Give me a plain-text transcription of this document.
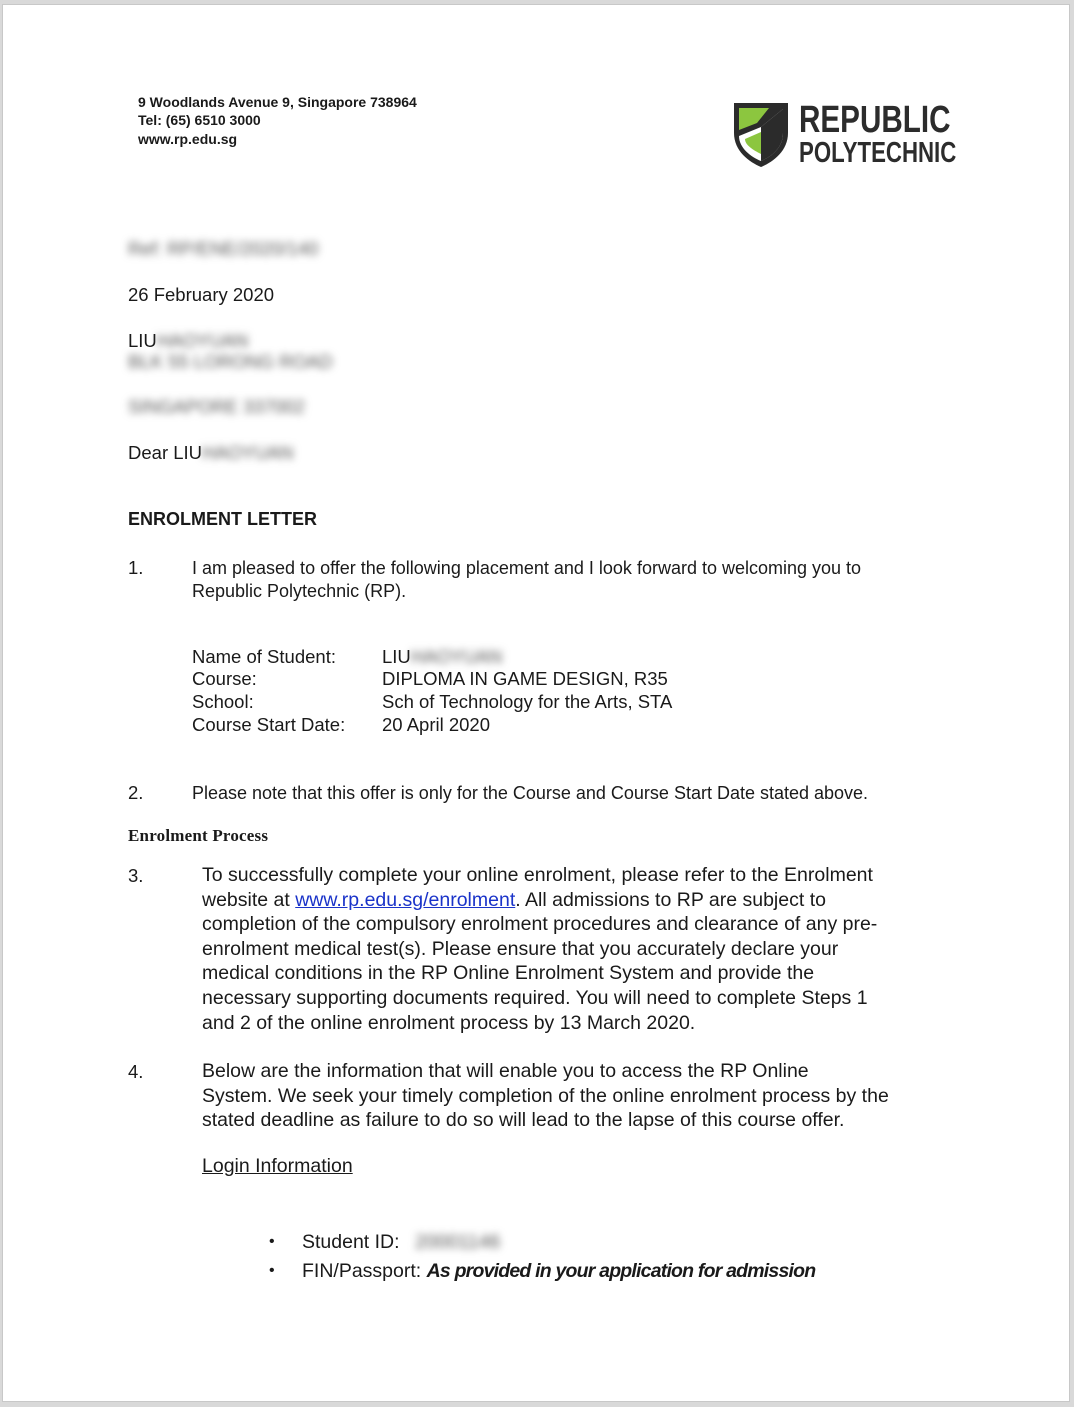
9 Woodlands Avenue 9, Singapore 738964
Tel: (65) 6510 3000
www.rp.edu.sg	REPUBLIC
POLYTECHNIC
Ref: RP/ENE/2020/140
26 February 2020
LIUHAOYUAN
BLK 55 LORONG ROAD
SINGAPORE 337002
Dear LIUHAOYUAN
ENROLMENT LETTER
1.	I am pleased to offer the following placement and I look forward to welcoming you to
Republic Polytechnic (RP).
Name of Student: LIUHAOYUAN
Course:	DIPLOMA IN GAME DESIGN, R35
School:	Sch of Technology for the Arts, STA
Course Start Date: 20 April 2020
2.	Please note that this offer is only for the Course and Course Start Date stated above.
Enrolment Process
3.	To successfully complete your online enrolment, please refer to the Enrolment
website at www.rp.edu.sg/enrolment. All admissions to RP are subject to
completion of the compulsory enrolment procedures and clearance of any pre-
enrolment medical test(s). Please ensure that you accurately declare your
medical conditions in the RP Online Enrolment System and provide the
necessary supporting documents required. You will need to complete Steps 1
and 2 of the online enrolment process by 13 March 2020.
4.	Below are the information that will enable you to access the RP Online
System. We seek your timely completion of the online enrolment process by the
stated deadline as failure to do so will lead to the lapse of this course offer.
Login Information
• Student ID: 20001146
• FIN/Passport: As provided in your application for admission
